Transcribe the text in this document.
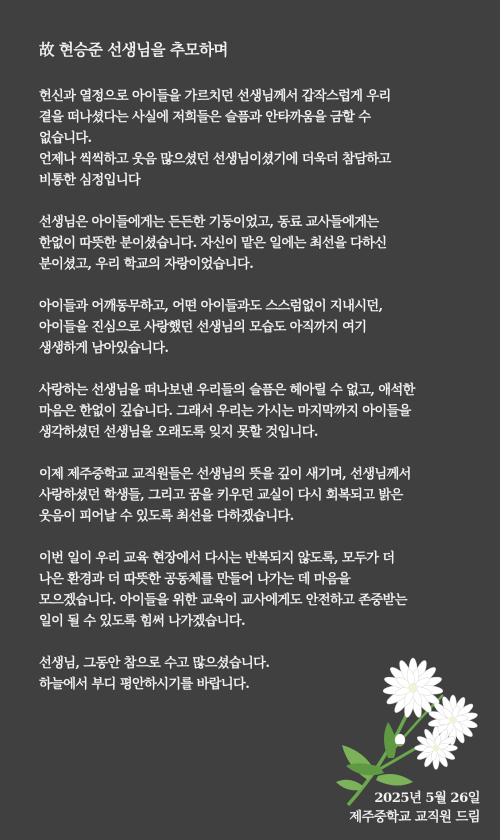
故 현승준 선생님을 추모하며
헌신과 열정으로 아이들을 가르치던 선생님께서 갑작스럽게 우리
곁을 떠나셨다는 사실에 저희들은 슬픔과 안타까움을 금할 수
없습니다.
언제나 씩씩하고 웃음 많으셨던 선생님이셨기에 더욱더 참담하고
비통한 심정입니다
선생님은 아이들에게는 든든한 기둥이었고, 동료 교사들에게는
한없이 따뜻한 분이셨습니다. 자신이 맡은 일에는 최선을 다하신
분이셨고, 우리 학교의 자랑이었습니다.
아이들과 어깨동무하고, 어떤 아이들과도 스스럼없이 지내시던,
아이들을 진심으로 사랑했던 선생님의 모습도 아직까지 여기
생생하게 남아있습니다.
사랑하는 선생님을 떠나보낸 우리들의 슬픔은 헤아릴 수 없고, 애석한
마음은 한없이 깊습니다. 그래서 우리는 가시는 마지막까지 아이들을
생각하셨던 선생님을 오래도록 잊지 못할 것입니다.
이제 제주중학교 교직원들은 선생님의 뜻을 깊이 새기며, 선생님께서
사랑하셨던 학생들, 그리고 꿈을 키우던 교실이 다시 회복되고 밝은
웃음이 피어날 수 있도록 최선을 다하겠습니다.
이번 일이 우리 교육 현장에서 다시는 반복되지 않도록, 모두가 더
나은 환경과 더 따뜻한 공동체를 만들어 나가는 데 마음을
모으겠습니다. 아이들을 위한 교육이 교사에게도 안전하고 존중받는
일이 될 수 있도록 힘써 나가겠습니다.
선생님, 그동안 참으로 수고 많으셨습니다.
하늘에서 부디 평안하시기를 바랍니다.
2025년 5월 26일
제주중학교 교직원 드림
